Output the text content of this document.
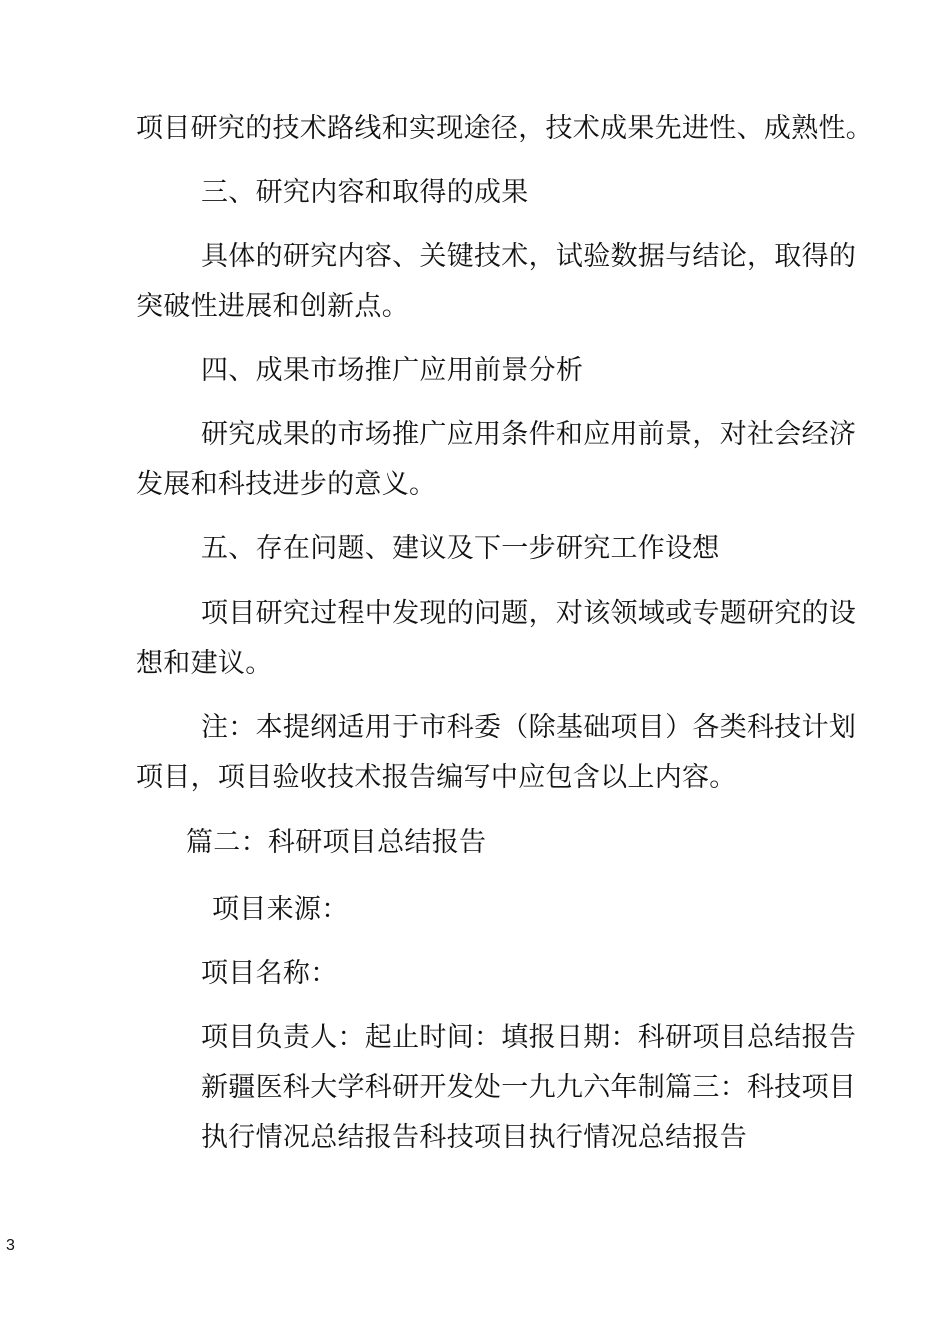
项目研究的技术路线和实现途径，技术成果先进性、成熟性。
三、研究内容和取得的成果
具体的研究内容、关键技术，试验数据与结论，取得的
突破性进展和创新点。
四、成果市场推广应用前景分析
研究成果的市场推广应用条件和应用前景，对社会经济
发展和科技进步的意义。
五、存在问题、建议及下一步研究工作设想
项目研究过程中发现的问题，对该领域或专题研究的设
想和建议。
注：本提纲适用于市科委（除基础项目）各类科技计划
项目，项目验收技术报告编写中应包含以上内容。
篇二：科研项目总结报告
项目来源：
项目名称：
项目负责人：起止时间：填报日期：科研项目总结报告
新疆医科大学科研开发处一九九六年制篇三：科技项目
执行情况总结报告科技项目执行情况总结报告
3
